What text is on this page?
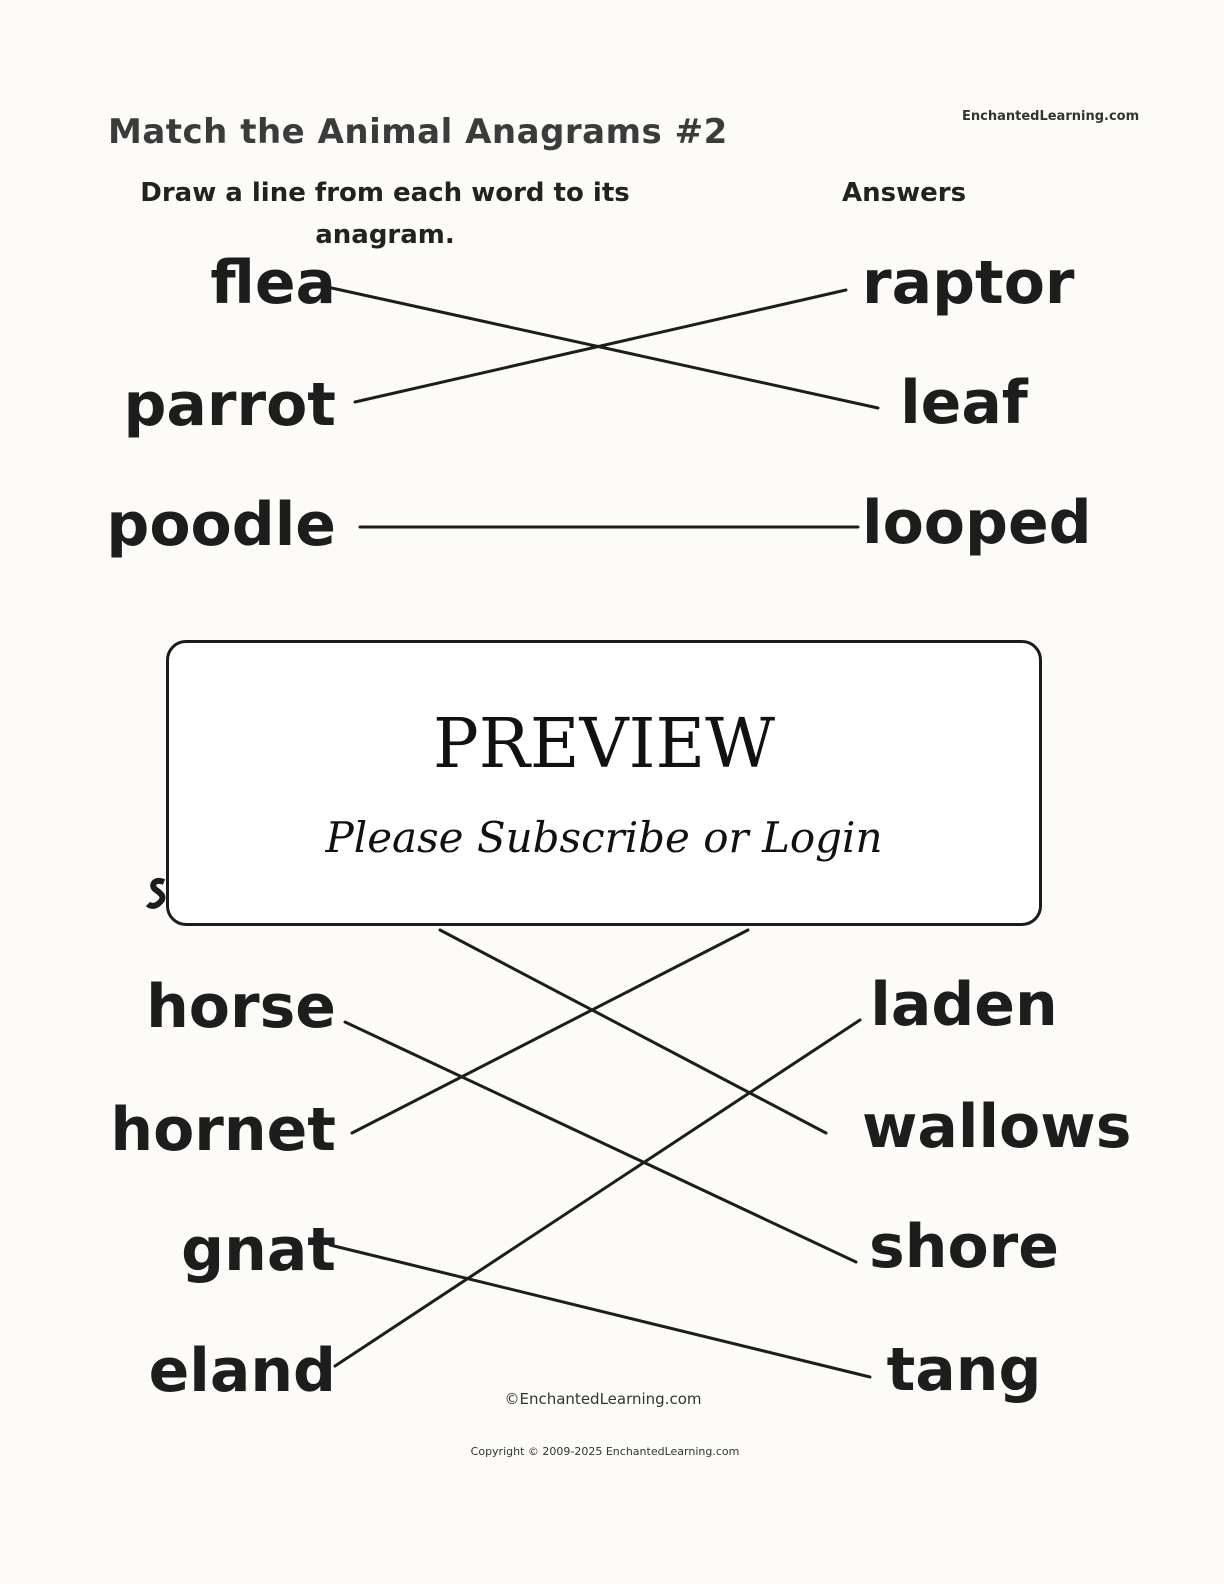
Match the Animal Anagrams #2	EnchantedLearning.com
Draw a line from each word to its anagram.
Answers
flea
parrot
poodle
horse
hornet
gnat
eland
raptor
leaf
looped
laden
wallows
shore
tang
PREVIEW
Please Subscribe or Login
©EnchantedLearning.com
Copyright © 2009-2025 EnchantedLearning.com
